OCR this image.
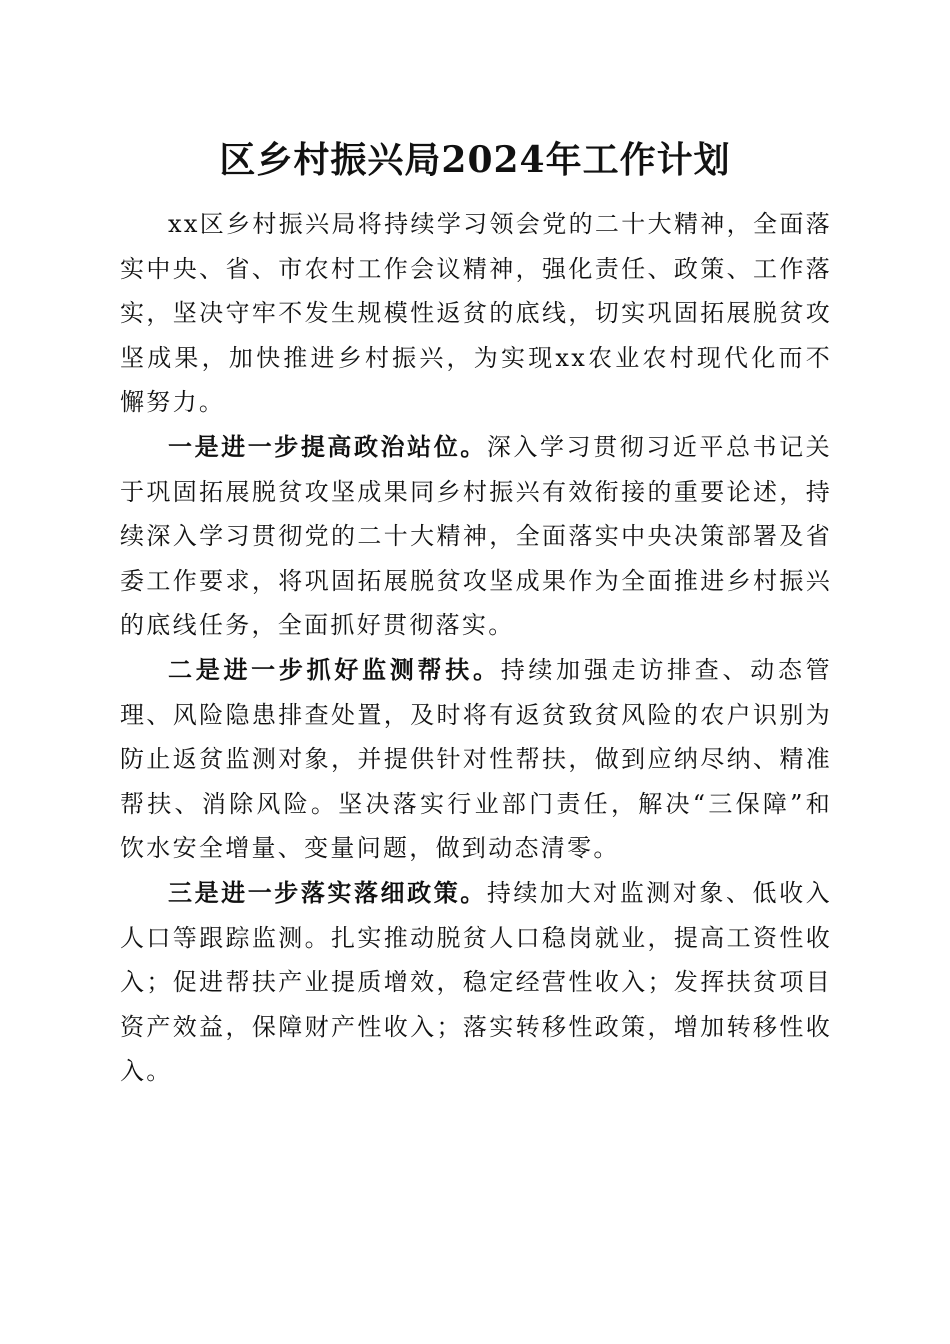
区乡村振兴局2024年工作计划

xx区乡村振兴局将持续学习领会党的二十大精神，全面落实中央、省、市农村工作会议精神，强化责任、政策、工作落实，坚决守牢不发生规模性返贫的底线，切实巩固拓展脱贫攻坚成果，加快推进乡村振兴，为实现xx农业农村现代化而不懈努力。

一是进一步提高政治站位。深入学习贯彻习近平总书记关于巩固拓展脱贫攻坚成果同乡村振兴有效衔接的重要论述，持续深入学习贯彻党的二十大精神，全面落实中央决策部署及省委工作要求，将巩固拓展脱贫攻坚成果作为全面推进乡村振兴的底线任务，全面抓好贯彻落实。

二是进一步抓好监测帮扶。持续加强走访排查、动态管理、风险隐患排查处置，及时将有返贫致贫风险的农户识别为防止返贫监测对象，并提供针对性帮扶，做到应纳尽纳、精准帮扶、消除风险。坚决落实行业部门责任，解决“三保障”和饮水安全增量、变量问题，做到动态清零。

三是进一步落实落细政策。持续加大对监测对象、低收入人口等跟踪监测。扎实推动脱贫人口稳岗就业，提高工资性收入；促进帮扶产业提质增效，稳定经营性收入；发挥扶贫项目资产效益，保障财产性收入；落实转移性政策，增加转移性收入。
